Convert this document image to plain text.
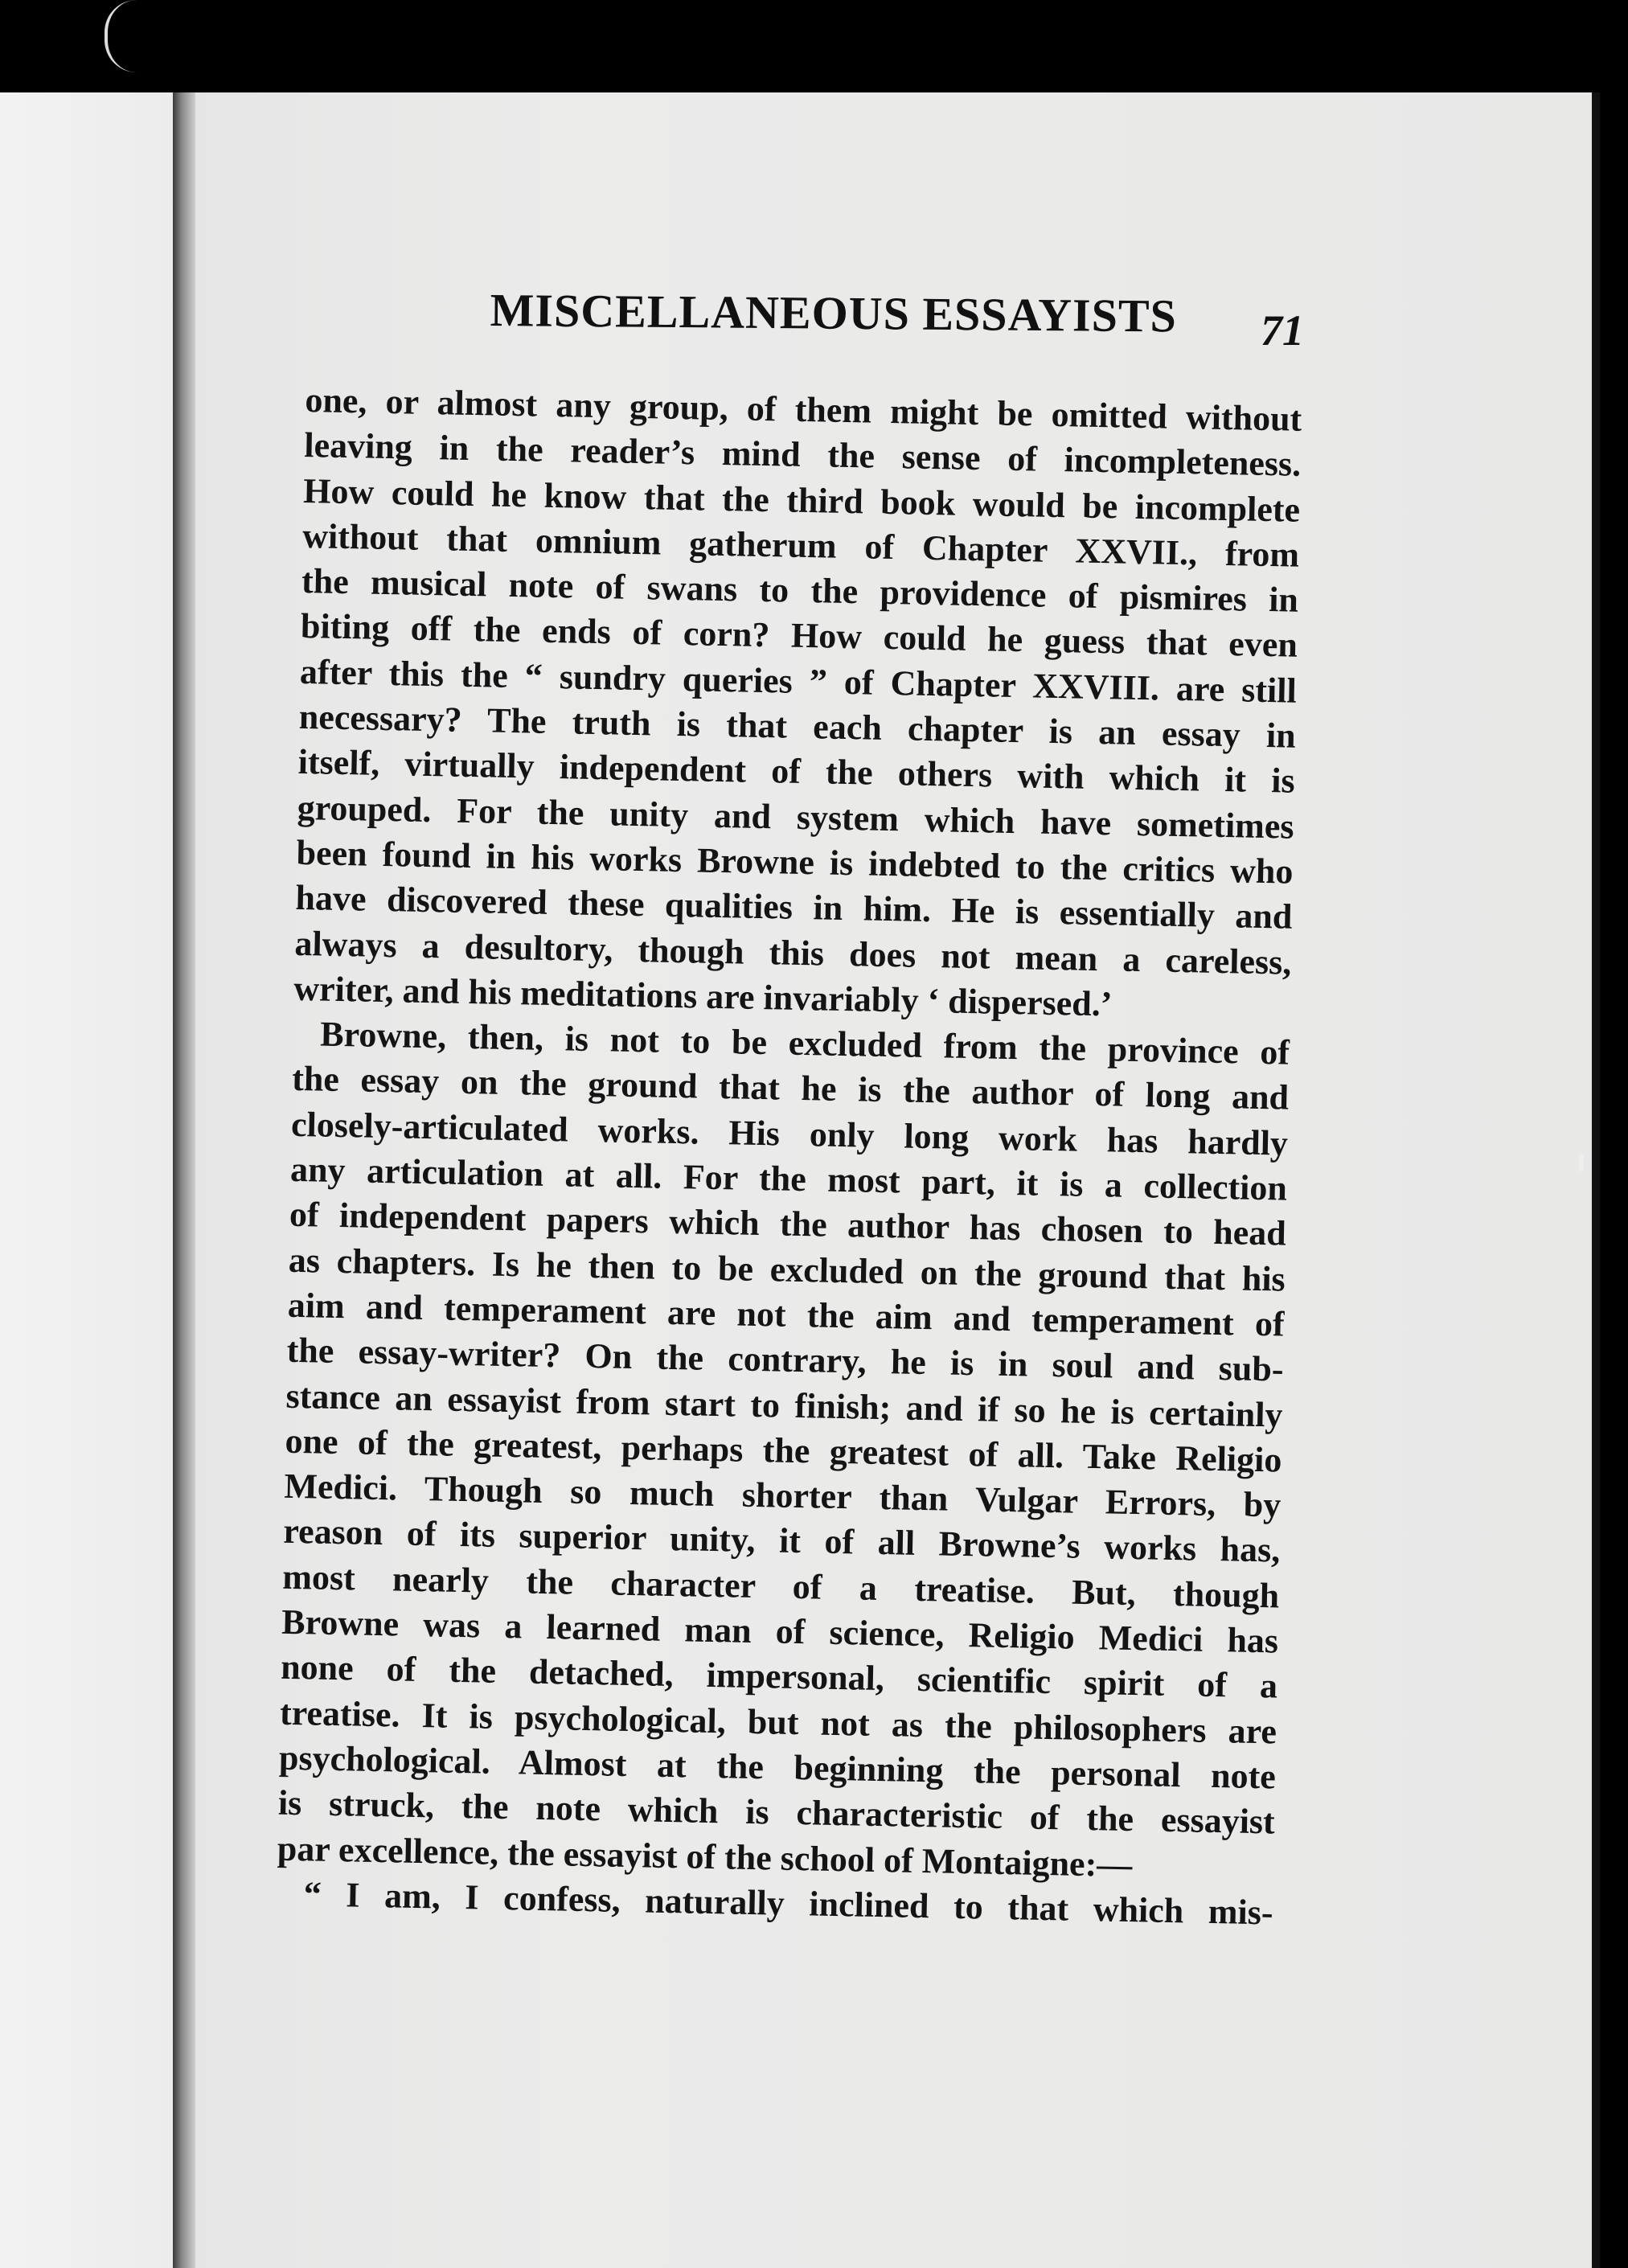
MISCELLANEOUS ESSAYISTS	71
one, or almost any group, of them might be omitted without
leaving in the reader’s mind the sense of incompleteness.
How could he know that the third book would be incomplete
without that omnium gatherum of Chapter XXVII., from
the musical note of swans to the providence of pismires in
biting off the ends of corn? How could he guess that even
after this the “ sundry queries ” of Chapter XXVIII. are still
necessary? The truth is that each chapter is an essay in
itself, virtually independent of the others with which it is
grouped. For the unity and system which have sometimes
been found in his works Browne is indebted to the critics who
have discovered these qualities in him. He is essentially and
always a desultory, though this does not mean a careless,
writer, and his meditations are invariably ‘ dispersed.’
Browne, then, is not to be excluded from the province of
the essay on the ground that he is the author of long and
closely-articulated works. His only long work has hardly
any articulation at all. For the most part, it is a collection
of independent papers which the author has chosen to head
as chapters. Is he then to be excluded on the ground that his
aim and temperament are not the aim and temperament of
the essay-writer? On the contrary, he is in soul and sub-
stance an essayist from start to finish; and if so he is certainly
one of the greatest, perhaps the greatest of all. Take Religio
Medici. Though so much shorter than Vulgar Errors, by
reason of its superior unity, it of all Browne’s works has,
most nearly the character of a treatise. But, though
Browne was a learned man of science, Religio Medici has
none of the detached, impersonal, scientific spirit of a
treatise. It is psychological, but not as the philosophers are
psychological. Almost at the beginning the personal note
is struck, the note which is characteristic of the essayist
par excellence, the essayist of the school of Montaigne:—
“ I am, I confess, naturally inclined to that which mis-
